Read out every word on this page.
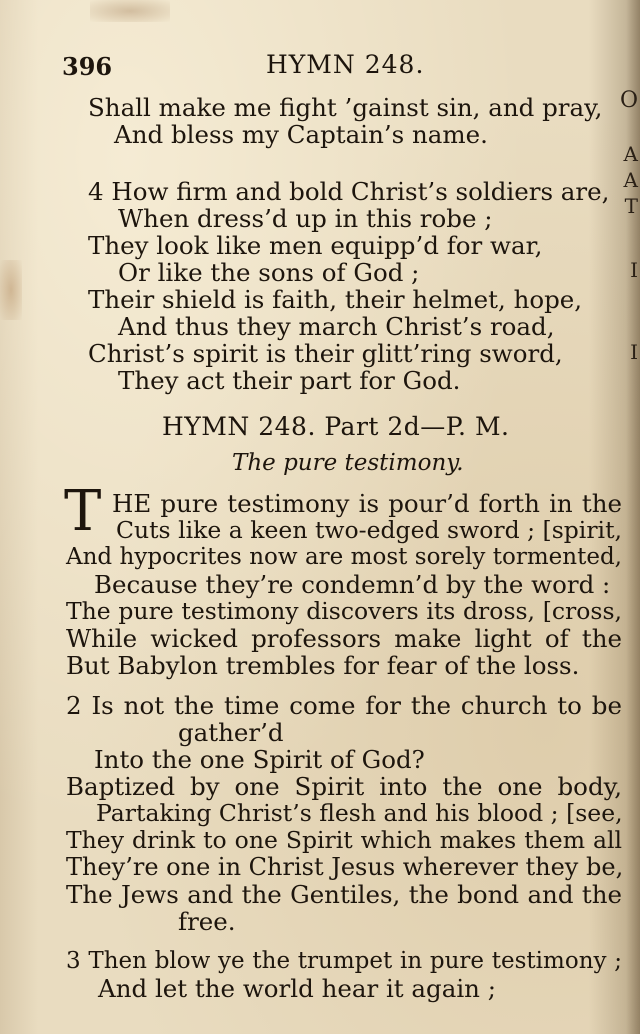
O
A
A
T
I
I
396	HYMN 248.
Shall make me fight ’gainst sin, and pray,
And bless my Captain’s name.
4 How firm and bold Christ’s soldiers are,
When dress’d up in this robe ;
They look like men equipp’d for war,
Or like the sons of God ;
Their shield is faith, their helmet, hope,
And thus they march Christ’s road,
Christ’s spirit is their glitt’ring sword,
They act their part for God.
HYMN 248. Part 2d—P. M.
The pure testimony.
T HE pure testimony is pour’d forth in the
Cuts like a keen two-edged sword ; [spirit,
And hypocrites now are most sorely tormented,
Because they’re condemn’d by the word :
The pure testimony discovers its dross, [cross,
While wicked professors make light of the
But Babylon trembles for fear of the loss.
2 Is not the time come for the church to be
gather’d
Into the one Spirit of God?
Baptized by one Spirit into the one body,
Partaking Christ’s flesh and his blood ; [see,
They drink to one Spirit which makes them all
They’re one in Christ Jesus wherever they be,
The Jews and the Gentiles, the bond and the
free.
3 Then blow ye the trumpet in pure testimony ;
And let the world hear it again ;
